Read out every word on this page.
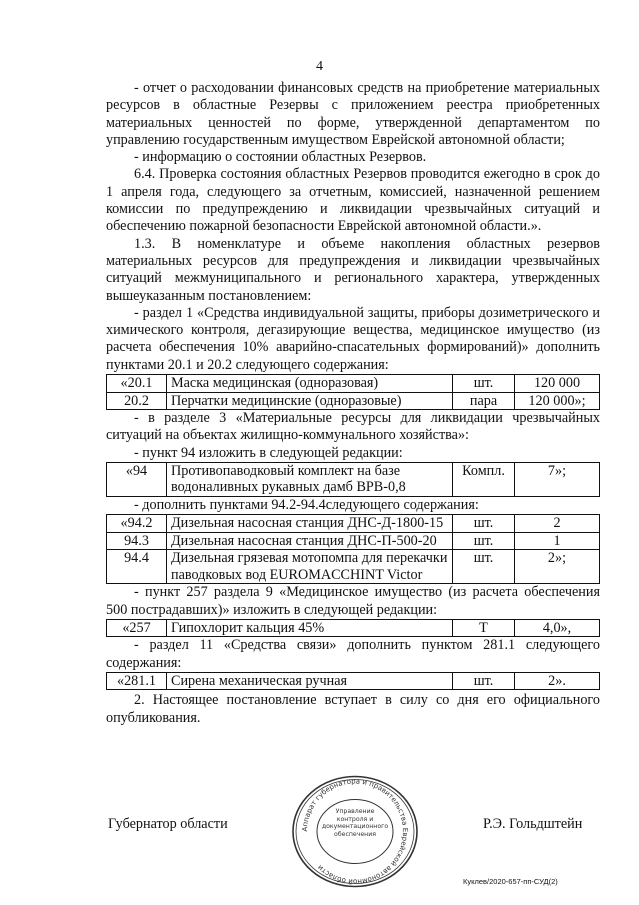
4

- отчет о расходовании финансовых средств на приобретение материальных ресурсов в областные Резервы с приложением реестра приобретенных материальных ценностей по форме, утвержденной департаментом по управлению государственным имуществом Еврейской автономной области;

- информацию о состоянии областных Резервов.

6.4. Проверка состояния областных Резервов проводится ежегодно в срок до 1 апреля года, следующего за отчетным, комиссией, назначенной решением комиссии по предупреждению и ликвидации чрезвычайных ситуаций и обеспечению пожарной безопасности Еврейской автономной области.».

1.3. В номенклатуре и объеме накопления областных резервов материальных ресурсов для предупреждения и ликвидации чрезвычайных ситуаций межмуниципального и регионального характера, утвержденных вышеуказанным постановлением:

- раздел 1 «Средства индивидуальной защиты, приборы дозиметрического и химического контроля, дегазирующие вещества, медицинское имущество (из расчета обеспечения 10% аварийно-спасательных формирований)» дополнить пунктами 20.1 и 20.2 следующего содержания:

«20.1	Маска медицинская (одноразовая)	шт.	120 000
20.2	Перчатки медицинские (одноразовые)	пара	120 000»;

- в разделе 3 «Материальные ресурсы для ликвидации чрезвычайных ситуаций на объектах жилищно-коммунального хозяйства»:

- пункт 94 изложить в следующей редакции:

«94	Противопаводковый комплект на базе водоналивных рукавных дамб ВРВ-0,8	Компл.	7»;

- дополнить пунктами 94.2-94.4следующего содержания:

«94.2	Дизельная насосная станция ДНС-Д-1800-15	шт.	2
94.3	Дизельная насосная станция ДНС-П-500-20	шт.	1
94.4	Дизельная грязевая мотопомпа для перекачки паводковых вод EUROMACCHINT Victor	шт.	2»;

- пункт 257 раздела 9 «Медицинское имущество (из расчета обеспечения 500 пострадавших)» изложить в следующей редакции:

«257	Гипохлорит кальция 45%	Т	4,0»,

- раздел 11 «Средства связи» дополнить пунктом 281.1 следующего содержания:

«281.1	Сирена механическая ручная	шт.	2».

2. Настоящее постановление вступает в силу со дня его официального опубликования.

Губернатор области	Аппарат губернатора и правительства Еврейской автономной области
Управление контроля и документационного обеспечения
Р.Э. Гольдштейн
Куклев/2020-657-пп-СУД(2)
